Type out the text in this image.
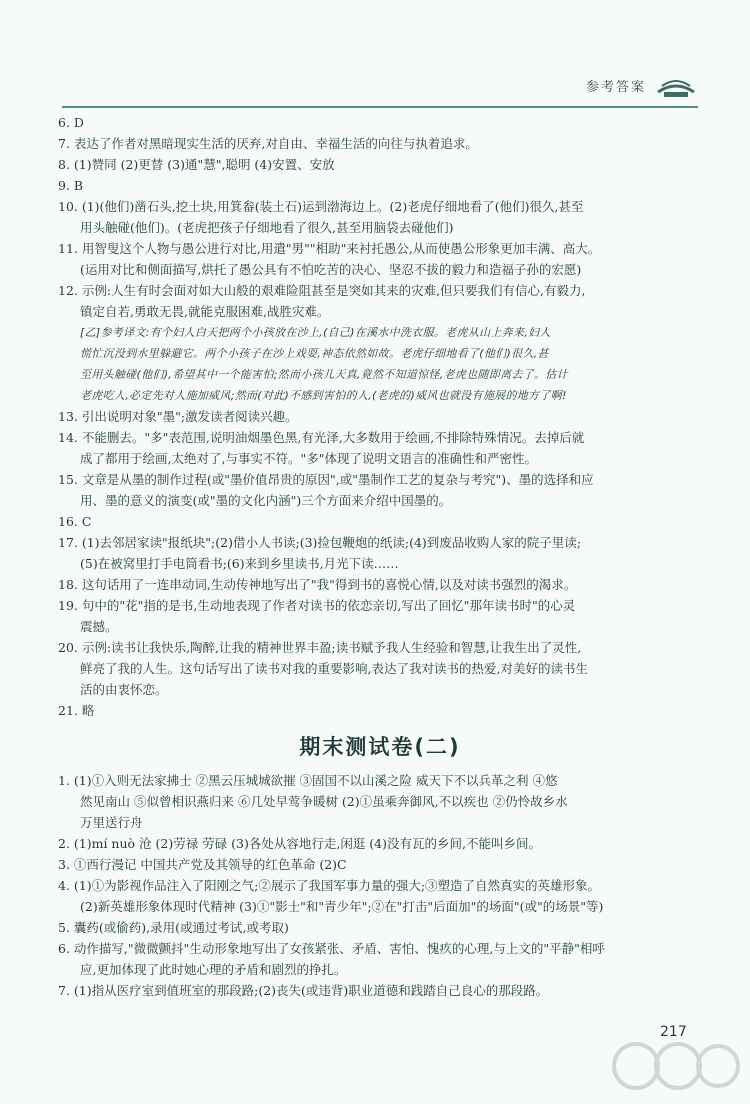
参考答案
6. D
7. 表达了作者对黑暗现实生活的厌弃,对自由、幸福生活的向往与执着追求。
8. (1)赞同 (2)更替 (3)通"慧",聪明 (4)安置、安放
9. B
10. (1)(他们)凿石头,挖土块,用箕畚(装土石)运到渤海边上。(2)老虎仔细地看了(他们)很久,甚至
用头触碰(他们)。(老虎把孩子仔细地看了很久,甚至用脑袋去碰他们)
11. 用智叟这个人物与愚公进行对比,用遣"男""相助"来衬托愚公,从而使愚公形象更加丰满、高大。
(运用对比和侧面描写,烘托了愚公具有不怕吃苦的决心、坚忍不拔的毅力和造福子孙的宏愿)
12. 示例:人生有时会面对如大山般的艰难险阻甚至是突如其来的灾难,但只要我们有信心,有毅力,
镇定自若,勇敢无畏,就能克服困难,战胜灾难。
[乙]参考译文:有个妇人白天把两个小孩放在沙上,(自己)在溪水中洗衣服。老虎从山上奔来,妇人
慌忙沉没到水里躲避它。两个小孩子在沙上戏耍,神态依然如故。老虎仔细地看了(他们)很久,甚
至用头触碰(他们),希望其中一个能害怕;然而小孩儿天真,竟然不知道惊怪,老虎也随即离去了。估计
老虎吃人,必定先对人施加威风;然而(对此)不感到害怕的人,(老虎的)威风也就没有施展的地方了啊!
13. 引出说明对象"墨";激发读者阅读兴趣。
14. 不能删去。"多"表范围,说明油烟墨色黑,有光泽,大多数用于绘画,不排除特殊情况。去掉后就
成了都用于绘画,太绝对了,与事实不符。"多"体现了说明文语言的准确性和严密性。
15. 文章是从墨的制作过程(或"墨价值昂贵的原因",或"墨制作工艺的复杂与考究")、墨的选择和应
用、墨的意义的演变(或"墨的文化内涵")三个方面来介绍中国墨的。
16. C
17. (1)去邻居家读"报纸块";(2)借小人书读;(3)捡包鞭炮的纸读;(4)到废品收购人家的院子里读;
(5)在被窝里打手电筒看书;(6)来到乡里读书,月光下读……
18. 这句话用了一连串动词,生动传神地写出了"我"得到书的喜悦心情,以及对读书强烈的渴求。
19. 句中的"花"指的是书,生动地表现了作者对读书的依恋亲切,写出了回忆"那年读书时"的心灵
震撼。
20. 示例:读书让我快乐,陶醉,让我的精神世界丰盈;读书赋予我人生经验和智慧,让我生出了灵性,
鲜亮了我的人生。这句话写出了读书对我的重要影响,表达了我对读书的热爱,对美好的读书生
活的由衷怀恋。
21. 略
期末测试卷(二)
1. (1)①入则无法家拂士 ②黑云压城城欲摧 ③固国不以山溪之险 威天下不以兵革之利 ④悠
然见南山 ⑤似曾相识燕归来 ⑥几处早莺争暖树 (2)①虽乘奔御风,不以疾也 ②仍怜故乡水
万里送行舟
2. (1)mí nuò 沧 (2)劳禄 劳碌 (3)各处从容地行走,闲逛 (4)没有瓦的乡间,不能叫乡间。
3. ①西行漫记 中国共产党及其领导的红色革命 (2)C
4. (1)①为影视作品注入了阳刚之气;②展示了我国军事力量的强大;③塑造了自然真实的英雄形象。
(2)新英雄形象体现时代精神 (3)①"影士"和"青少年";②在"打击"后面加"的场面"(或"的场景"等)
5. 囊药(或偷药),录用(或通过考试,或考取)
6. 动作描写,"微微颤抖"生动形象地写出了女孩紧张、矛盾、害怕、愧疚的心理,与上文的"平静"相呼
应,更加体现了此时她心理的矛盾和剧烈的挣扎。
7. (1)指从医疗室到值班室的那段路;(2)丧失(或违背)职业道德和践踏自己良心的那段路。
217
